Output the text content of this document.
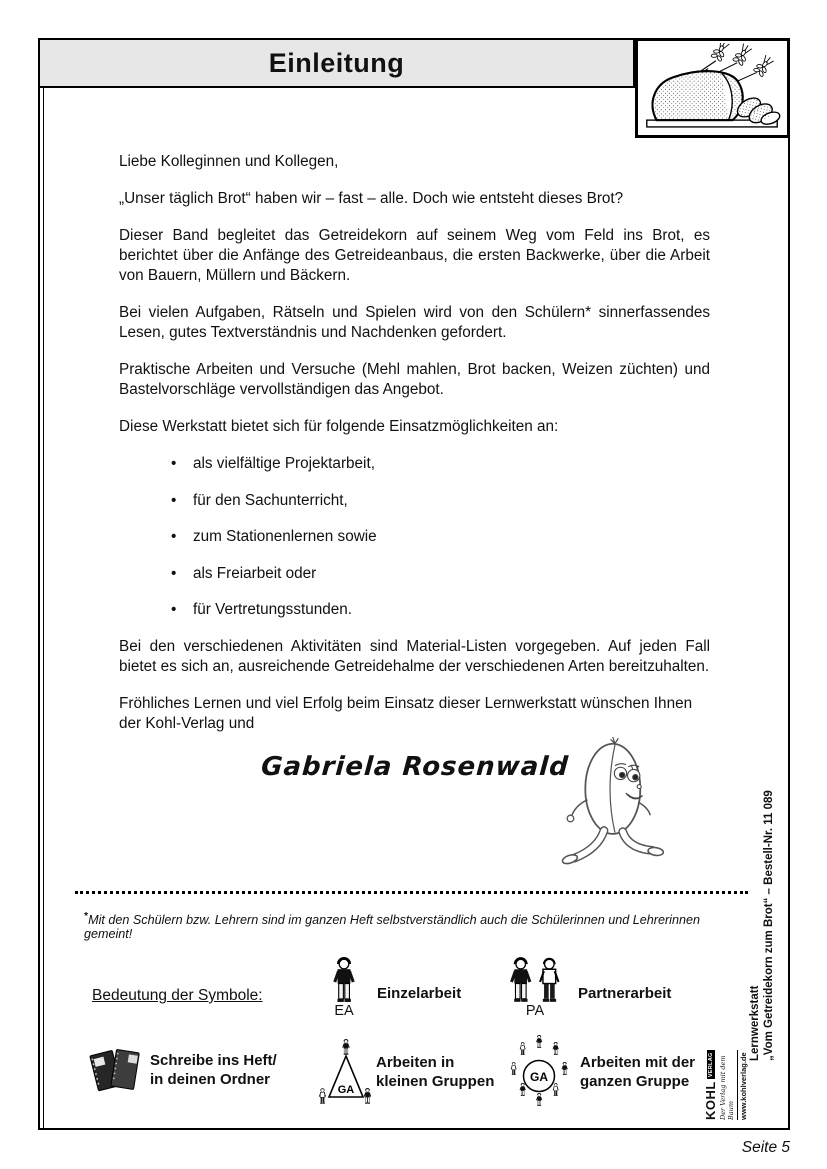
Einleitung

Liebe Kolleginnen und Kollegen,

„Unser täglich Brot“ haben wir – fast – alle. Doch wie entsteht dieses Brot?

Dieser Band begleitet das Getreidekorn auf seinem Weg vom Feld ins Brot, es berichtet über die Anfänge des Getreideanbaus, die ersten Backwerke, über die Arbeit von Bauern, Müllern und Bäckern.

Bei vielen Aufgaben, Rätseln und Spielen wird von den Schülern* sinnerfassendes Lesen, gutes Textverständnis und Nachdenken gefordert.

Praktische Arbeiten und Versuche (Mehl mahlen, Brot backen, Weizen züchten) und Bastelvorschläge vervollständigen das Angebot.

Diese Werkstatt bietet sich für folgende Einsatzmöglichkeiten an:

• als vielfältige Projektarbeit,
• für den Sachunterricht,
• zum Stationenlernen sowie
• als Freiarbeit oder
• für Vertretungsstunden.

Bei den verschiedenen Aktivitäten sind Material-Listen vorgegeben. Auf jeden Fall bietet es sich an, ausreichende Getreidehalme der verschiedenen Arten bereitzuhalten.

Fröhliches Lernen und viel Erfolg beim Einsatz dieser Lernwerkstatt wünschen Ihnen der Kohl-Verlag und

Gabriela Rosenwald
*Mit den Schülern bzw. Lehrern sind im ganzen Heft selbstverständlich auch die Schülerinnen und Lehrerinnen gemeint!
Bedeutung der Symbole:
EA
Einzelarbeit
PA
Partnerarbeit
Schreibe ins Heft/
in deinen Ordner
GA
Arbeiten in
kleinen Gruppen	GA
Arbeiten mit der
ganzen Gruppe
Lernwerkstatt „Vom Getreidekorn zum Brot“ – Bestell-Nr. 11 089
KOHL
VERLAG Der Verlag mit dem Baum www.kohlverlag.de
Seite 5
